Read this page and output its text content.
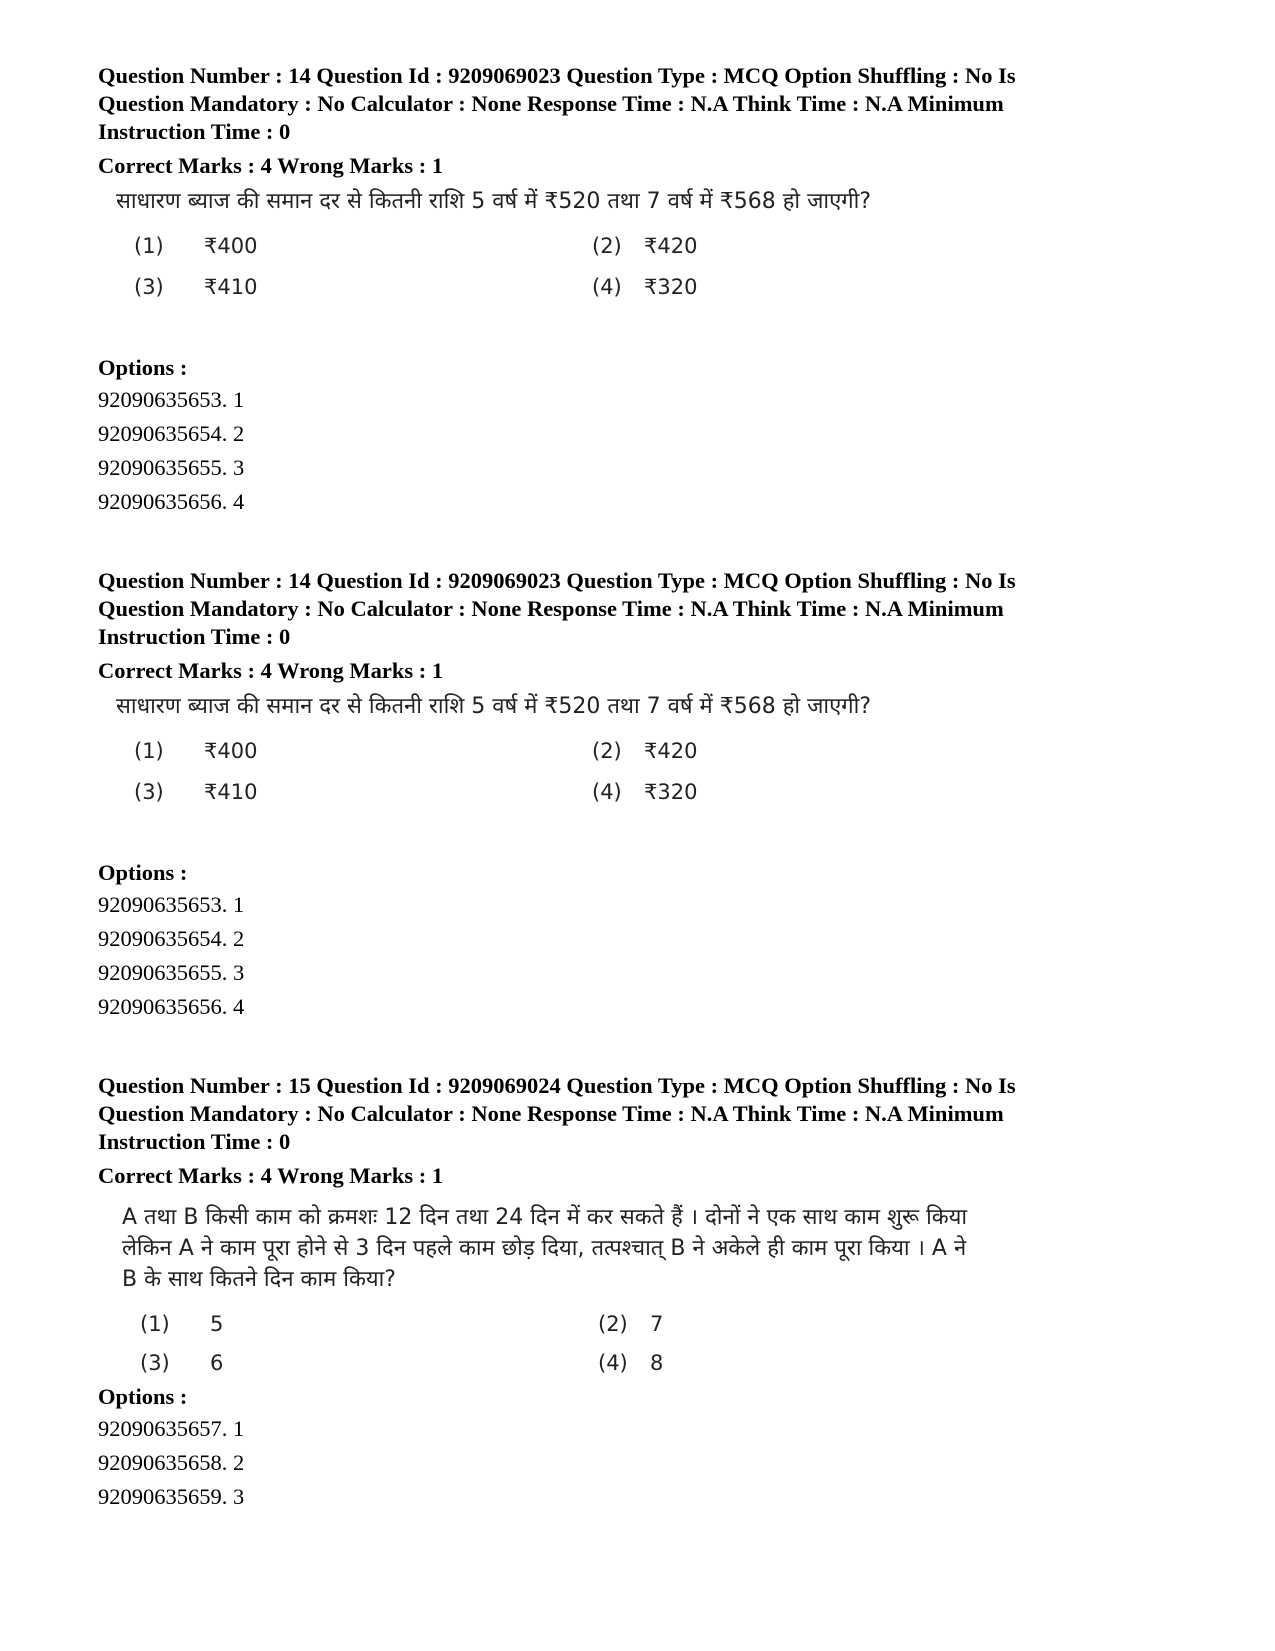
Question Number : 14 Question Id : 9209069023 Question Type : MCQ Option Shuffling : No Is

Question Mandatory : No Calculator : None Response Time : N.A Think Time : N.A Minimum

Instruction Time : 0

Correct Marks : 4 Wrong Marks : 1
साधारण ब्याज की समान दर से कितनी राशि 5 वर्ष में ₹520 तथा 7 वर्ष में ₹568 हो जाएगी?
(1) ₹400	(2) ₹420
(3) ₹410	(4) ₹320
Options :
92090635653. 1
92090635654. 2
92090635655. 3
92090635656. 4

Question Number : 14 Question Id : 9209069023 Question Type : MCQ Option Shuffling : No Is

Question Mandatory : No Calculator : None Response Time : N.A Think Time : N.A Minimum

Instruction Time : 0

Correct Marks : 4 Wrong Marks : 1
साधारण ब्याज की समान दर से कितनी राशि 5 वर्ष में ₹520 तथा 7 वर्ष में ₹568 हो जाएगी?
(1) ₹400	(2) ₹420
(3) ₹410	(4) ₹320
Options :
92090635653. 1
92090635654. 2
92090635655. 3
92090635656. 4

Question Number : 15 Question Id : 9209069024 Question Type : MCQ Option Shuffling : No Is

Question Mandatory : No Calculator : None Response Time : N.A Think Time : N.A Minimum

Instruction Time : 0

Correct Marks : 4 Wrong Marks : 1
A तथा B किसी काम को क्रमशः 12 दिन तथा 24 दिन में कर सकते हैं । दोनों ने एक साथ काम शुरू किया
लेकिन A ने काम पूरा होने से 3 दिन पहले काम छोड़ दिया, तत्पश्चात् B ने अकेले ही काम पूरा किया । A ने
B के साथ कितने दिन काम किया?
(1) 5	(2) 7
(3) 6	(4) 8
Options :
92090635657. 1
92090635658. 2
92090635659. 3
